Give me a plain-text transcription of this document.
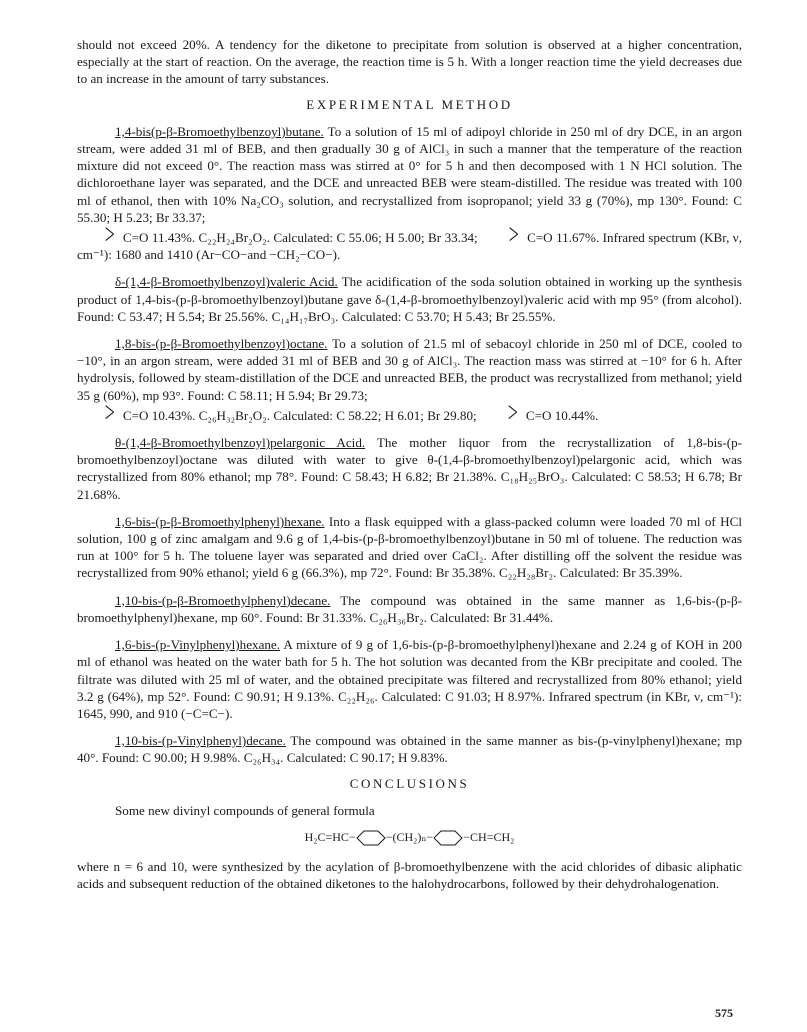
should not exceed 20%. A tendency for the diketone to precipitate from solution is observed at a higher concentration, especially at the start of reaction. On the average, the reaction time is 5 h. With a longer reaction time the yield decreases due to an increase in the amount of tarry substances.

EXPERIMENTAL METHOD

1,4-bis(p-β-Bromoethylbenzoyl)butane. To a solution of 15 ml of adipoyl chloride in 250 ml of dry DCE, in an argon stream, were added 31 ml of BEB, and then gradually 30 g of AlCl₃ in such a manner that the temperature of the reaction mixture did not exceed 0°. The reaction mass was stirred at 0° for 5 h and then decomposed with 1 N HCl solution. The dichloroethane layer was separated, and the DCE and unreacted BEB were steam-distilled. The residue was treated with 100 ml of ethanol, then with 10% Na₂CO₃ solution, and recrystallized from isopropanol; yield 33 g (70%), mp 130°. Found: C 55.30; H 5.23; Br 33.37;
> C=O 11.43%. C₂₂H₂₄Br₂O₂. Calculated: C 55.06; H 5.00; Br 33.34; > C=O 11.67%. Infrared spectrum (KBr, ν, cm⁻¹): 1680 and 1410 (Ar−CO−and −CH₂−CO−).

δ-(1,4-β-Bromoethylbenzoyl)valeric Acid. The acidification of the soda solution obtained in working up the synthesis product of 1,4-bis-(p-β-bromoethylbenzoyl)butane gave δ-(1,4-β-bromoethylbenzoyl)valeric acid with mp 95° (from alcohol). Found: C 53.47; H 5.54; Br 25.56%. C₁₄H₁₇BrO₃. Calculated: C 53.70; H 5.43; Br 25.55%.

1,8-bis-(p-β-Bromoethylbenzoyl)octane. To a solution of 21.5 ml of sebacoyl chloride in 250 ml of DCE, cooled to −10°, in an argon stream, were added 31 ml of BEB and 30 g of AlCl₃. The reaction mass was stirred at −10° for 6 h. After hydrolysis, followed by steam-distillation of the DCE and unreacted BEB, the product was recrystallized from methanol; yield 35 g (60%), mp 93°. Found: C 58.11; H 5.94; Br 29.73;
> C=O 10.43%. C₂₆H₃₂Br₂O₂. Calculated: C 58.22; H 6.01; Br 29.80; > C=O 10.44%.

θ-(1,4-β-Bromoethylbenzoyl)pelargonic Acid. The mother liquor from the recrystallization of 1,8-bis-(p-bromoethylbenzoyl)octane was diluted with water to give θ-(1,4-β-bromoethylbenzoyl)pelargonic acid, which was recrystallized from 80% ethanol; mp 78°. Found: C 58.43; H 6.82; Br 21.38%. C₁₈H₂₅BrO₃. Calculated: C 58.53; H 6.78; Br 21.68%.

1,6-bis-(p-β-Bromoethylphenyl)hexane. Into a flask equipped with a glass-packed column were loaded 70 ml of HCl solution, 100 g of zinc amalgam and 9.6 g of 1,4-bis-(p-β-bromoethylbenzoyl)butane in 50 ml of toluene. The reduction was run at 100° for 5 h. The toluene layer was separated and dried over CaCl₂. After distilling off the solvent the residue was recrystallized from 90% ethanol; yield 6 g (66.3%), mp 72°. Found: Br 35.38%. C₂₂H₂₈Br₂. Calculated: Br 35.39%.

1,10-bis-(p-β-Bromoethylphenyl)decane. The compound was obtained in the same manner as 1,6-bis-(p-β-bromoethylphenyl)hexane, mp 60°. Found: Br 31.33%. C₂₆H₃₆Br₂. Calculated: Br 31.44%.

1,6-bis-(p-Vinylphenyl)hexane. A mixture of 9 g of 1,6-bis-(p-β-bromoethylphenyl)hexane and 2.24 g of KOH in 200 ml of ethanol was heated on the water bath for 5 h. The hot solution was decanted from the KBr precipitate and cooled. The filtrate was diluted with 25 ml of water, and the obtained precipitate was filtered and recrystallized from 80% ethanol; yield 3.2 g (64%), mp 52°. Found: C 90.91; H 9.13%. C₂₂H₂₆. Calculated: C 91.03; H 8.97%. Infrared spectrum (in KBr, ν, cm⁻¹): 1645, 990, and 910 (−C=C−).

1,10-bis-(p-Vinylphenyl)decane. The compound was obtained in the same manner as bis-(p-vinylphenyl)hexane; mp 40°. Found: C 90.00; H 9.98%. C₂₆H₃₄. Calculated: C 90.17; H 9.83%.

CONCLUSIONS

Some new divinyl compounds of general formula

H₂C=HC−	−(CH₂)ₙ−	−CH=CH₂

where n = 6 and 10, were synthesized by the acylation of β-bromoethylbenzene with the acid chlorides of dibasic aliphatic acids and subsequent reduction of the obtained diketones to the halohydrocarbons, followed by their dehydrohalogenation.

575
